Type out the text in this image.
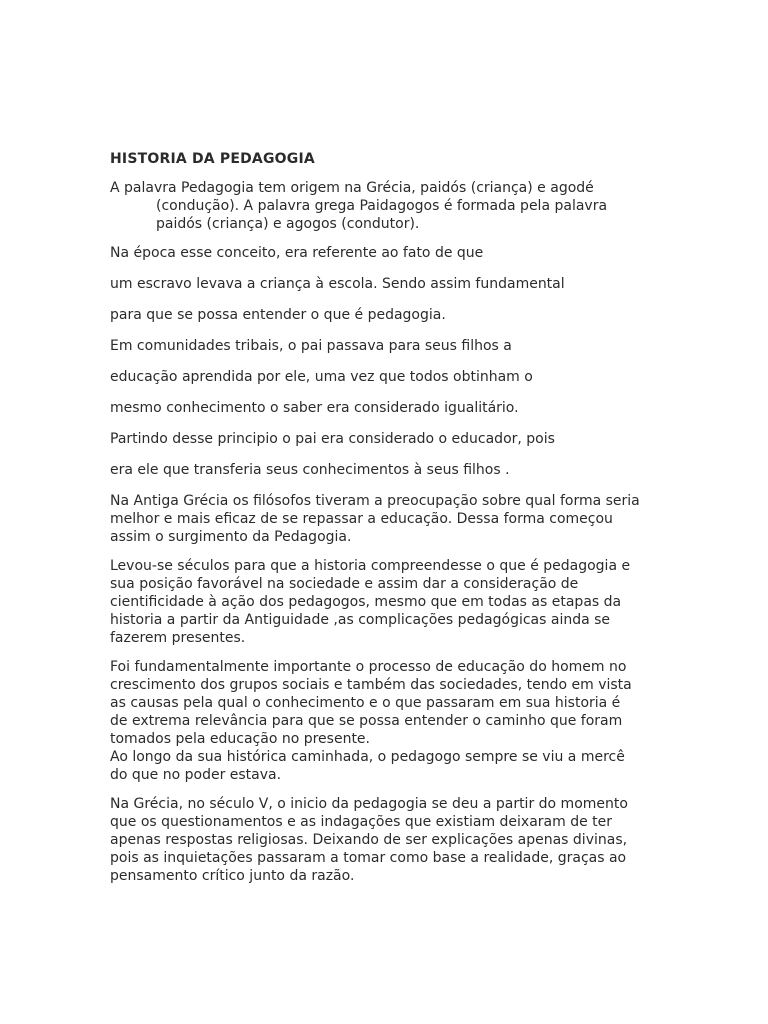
HISTORIA DA PEDAGOGIA

A palavra Pedagogia tem origem na Grécia, paidós (criança) e agodé (condução). A palavra grega Paidagogos é formada pela palavra paidós (criança) e agogos (condutor).

Na época esse conceito, era referente ao fato de que

um escravo levava a criança à escola. Sendo assim fundamental

para que se possa entender o que é pedagogia.

Em comunidades tribais, o pai passava para seus filhos a

educação aprendida por ele, uma vez que todos obtinham o

mesmo conhecimento o saber era considerado igualitário.

Partindo desse principio o pai era considerado o educador, pois

era ele que transferia seus conhecimentos à seus filhos .

Na Antiga Grécia os filósofos tiveram a preocupação sobre qual forma seria melhor e mais eficaz de se repassar a educação. Dessa forma começou assim o surgimento da Pedagogia.

Levou-se séculos para que a historia compreendesse o que é pedagogia e sua posição favorável na sociedade e assim dar a consideração de cientificidade à ação dos pedagogos, mesmo que em todas as etapas da historia a partir da Antiguidade ,as complicações pedagógicas ainda se fazerem presentes.

Foi fundamentalmente importante o processo de educação do homem no crescimento dos grupos sociais e também das sociedades, tendo em vista as causas pela qual o conhecimento e o que passaram em sua historia é de extrema relevância para que se possa entender o caminho que foram tomados pela educação no presente.

Ao longo da sua histórica caminhada, o pedagogo sempre se viu a mercê do que no poder estava.

Na Grécia, no século V, o inicio da pedagogia se deu a partir do momento que os questionamentos e as indagações que existiam deixaram de ter apenas respostas religiosas. Deixando de ser explicações apenas divinas, pois as inquietações passaram a tomar como base a realidade, graças ao pensamento crítico junto da razão.
